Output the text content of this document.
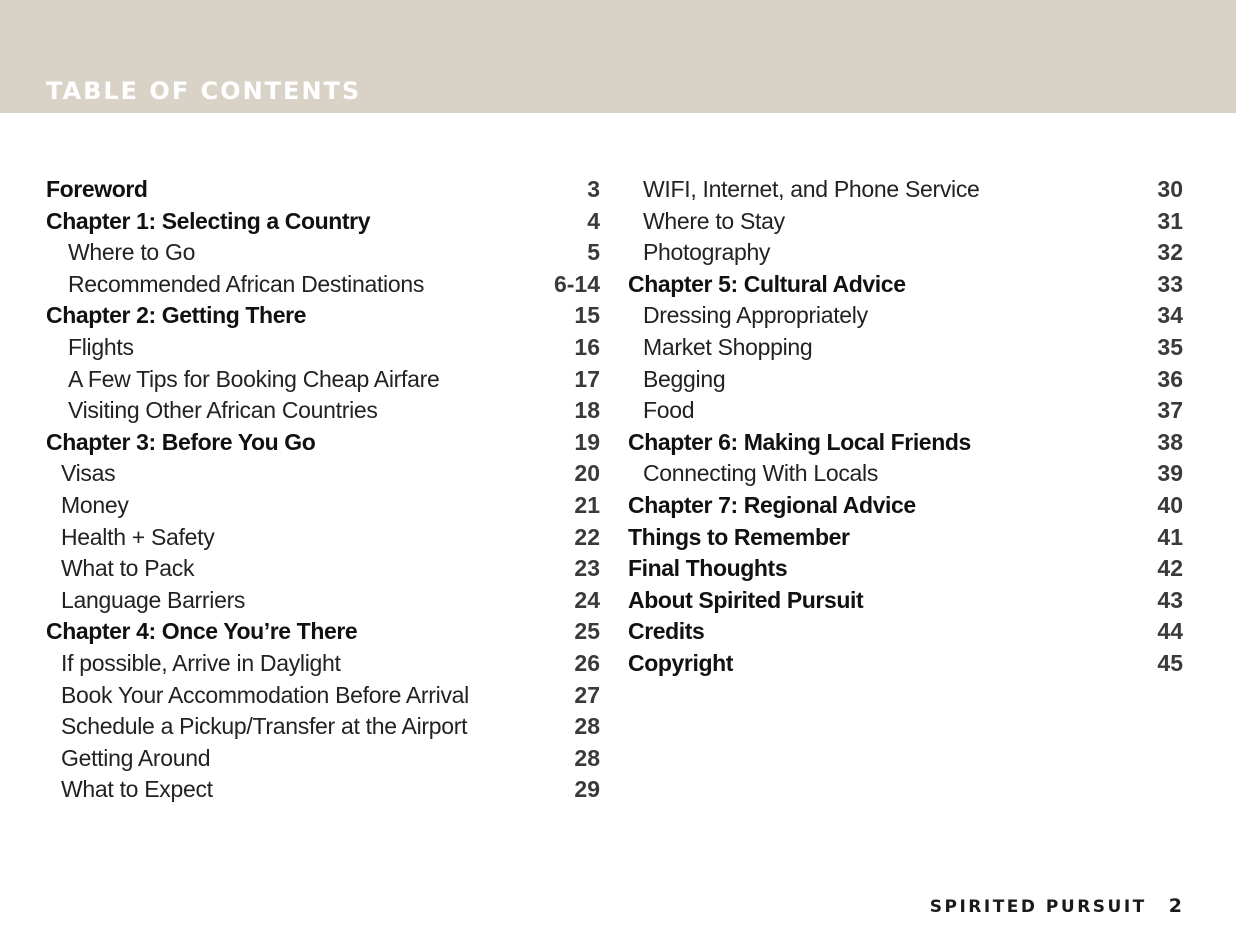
TABLE OF CONTENTS
Foreword	3
Chapter 1: Selecting a Country	4
Where to Go	5
Recommended African Destinations	6-14
Chapter 2: Getting There	15
Flights	16
A Few Tips for Booking Cheap Airfare	17
Visiting Other African Countries	18
Chapter 3: Before You Go	19
Visas	20
Money	21
Health + Safety	22
What to Pack	23
Language Barriers	24
Chapter 4: Once You’re There	25
If possible, Arrive in Daylight	26
Book Your Accommodation Before Arrival	27
Schedule a Pickup/Transfer at the Airport	28
Getting Around	28
What to Expect	29
WIFI, Internet, and Phone Service	30
Where to Stay	31
Photography	32
Chapter 5: Cultural Advice	33
Dressing Appropriately	34
Market Shopping	35
Begging	36
Food	37
Chapter 6: Making Local Friends	38
Connecting With Locals	39
Chapter 7: Regional Advice	40
Things to Remember	41
Final Thoughts	42
About Spirited Pursuit	43
Credits	44
Copyright	45
SPIRITED PURSUIT 2
